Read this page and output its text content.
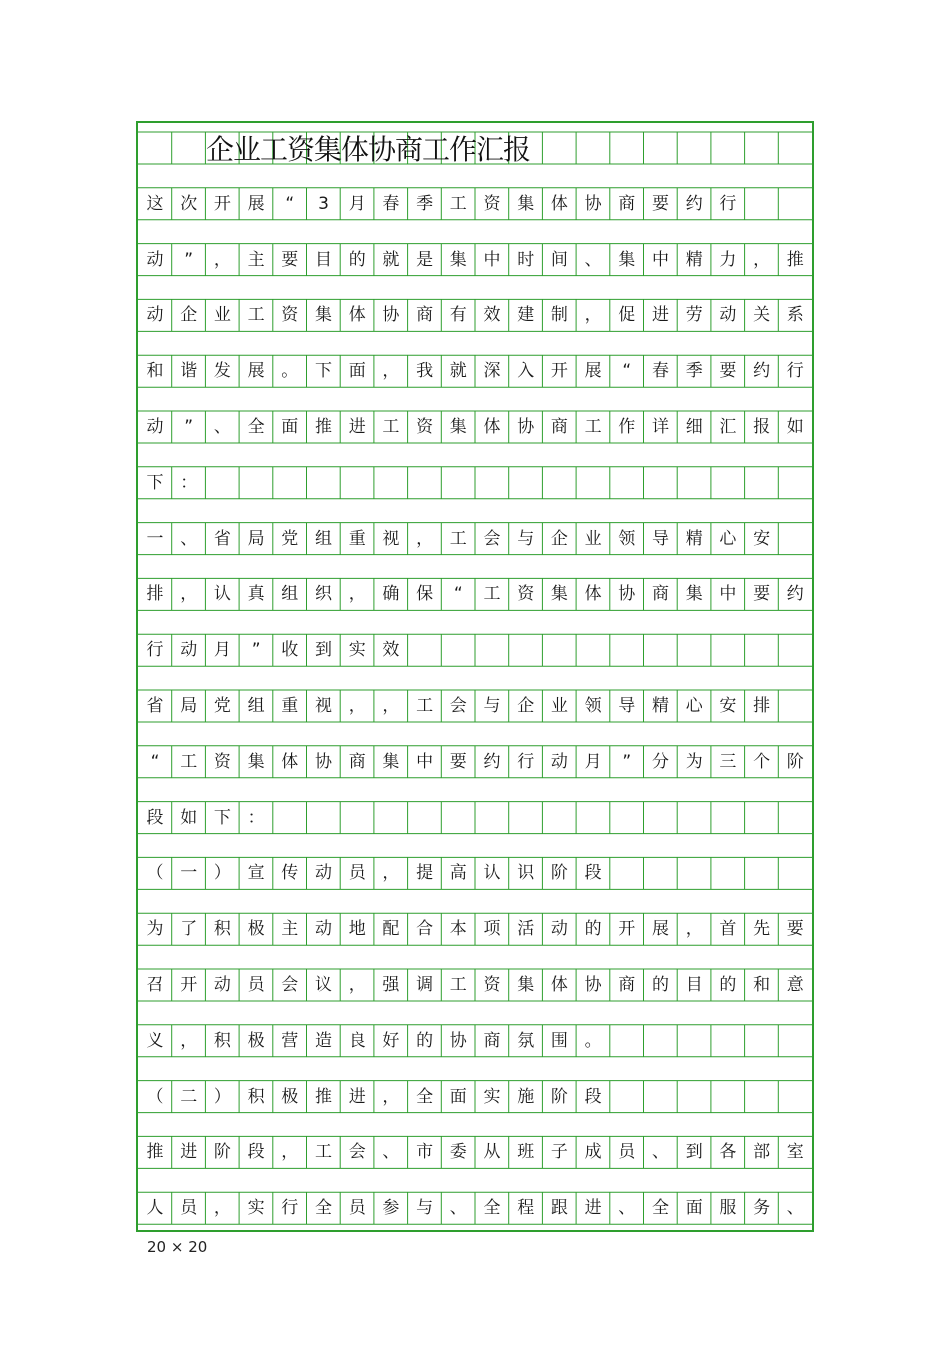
企业工资集体协商工作汇报
这 次 开 展	“	3	月 春 季 工 资 集 体 协 商 要 约 行
动	”	， 主 要 目 的 就 是 集 中 时 间 、 集 中 精 力 ， 推
动 企 业 工 资 集 体 协 商 有 效 建 制 ， 促 进 劳 动 关 系
和 谐 发 展 。 下 面 ， 我 就 深 入 开 展	“	春 季 要 约 行
动	”	、 全 面 推 进 工 资 集 体 协 商 工 作 详 细 汇 报 如
下 ：
一 、 省 局 党 组 重 视 ， 工 会 与 企 业 领 导 精 心 安
排 ， 认 真 组 织 ， 确 保	“	工 资 集 体 协 商 集 中 要 约
行 动 月	”	收 到 实 效
省 局 党 组 重 视 ， ， 工 会 与 企 业 领 导 精 心 安 排
“	工 资 集 体 协 商 集 中 要 约 行 动 月	”	分 为 三 个 阶
段 如 下 ：
（ 一 ） 宣 传 动 员 ， 提 高 认 识 阶 段
为 了 积 极 主 动 地 配 合 本 项 活 动 的 开 展 ， 首 先 要
召 开 动 员 会 议 ， 强 调 工 资 集 体 协 商 的 目 的 和 意
义 ， 积 极 营 造 良 好 的 协 商 氛 围 。
（ 二 ） 积 极 推 进 ， 全 面 实 施 阶 段
推 进 阶 段 ， 工 会 、 市 委 从 班 子 成 员 、 到 各 部 室
人 员 ， 实 行 全 员 参 与 、 全 程 跟 进 、 全 面 服 务 、
20 × 20
